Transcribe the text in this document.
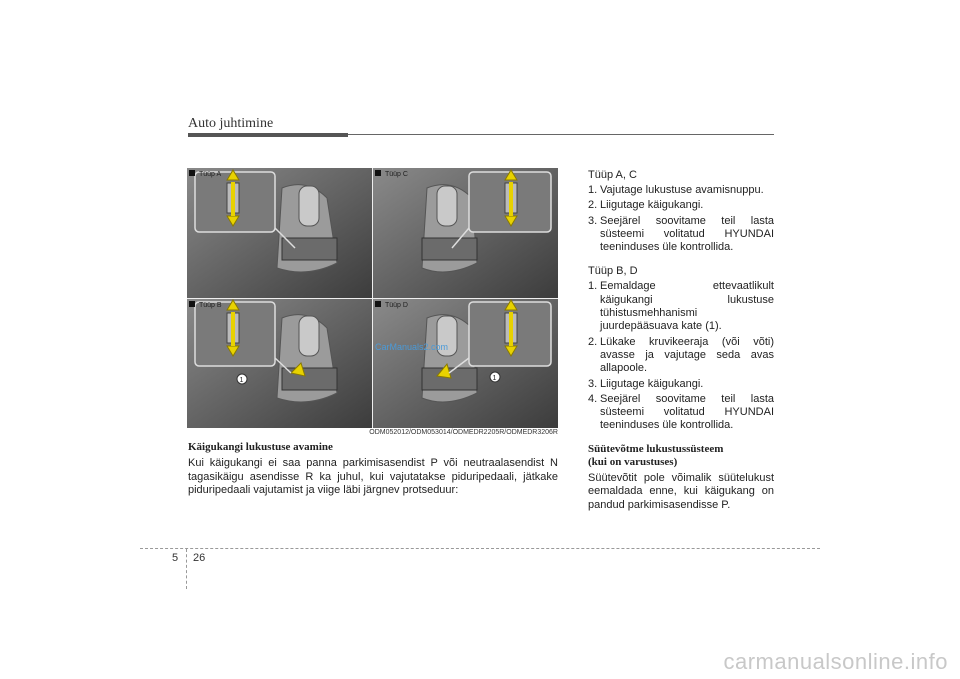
Auto juhtimine
Tüüp A	Tüüp C
1
Tüüp B
1
Tüüp D
CarManuals2.com
ODM052012/ODM053014/ODMEDR2205R/ODMEDR3206R

Käigukangi lukustuse avamine

Kui käigukangi ei saa panna parkimisasendist P või neutraalasendist N tagasikäigu asendisse R ka juhul, kui vajutatakse piduripedaali, jätkake piduripedaali vajutamist ja viige läbi järgnev protseduur:

Tüüp A, C

1. Vajutage lukustuse avamisnuppu.
2. Liigutage käigukangi.
3. Seejärel soovitame teil lasta süsteemi volitatud HYUNDAI teeninduses üle kontrollida.

Tüüp B, D

1. Eemaldage ettevaatlikult käigukangi lukustuse tühistusmehhanismi juurdepääsuava kate (1).
2. Lükake kruvikeeraja (või võti) avasse ja vajutage seda avas allapoole.
3. Liigutage käigukangi.
4. Seejärel soovitame teil lasta süsteemi volitatud HYUNDAI teeninduses üle kontrollida.

Süütevõtme lukustussüsteem

(kui on varustuses)

Süütevõtit pole võimalik süütelukust eemaldada enne, kui käigukang on pandud parkimisasendisse P.

5 26
carmanualsonline.info
